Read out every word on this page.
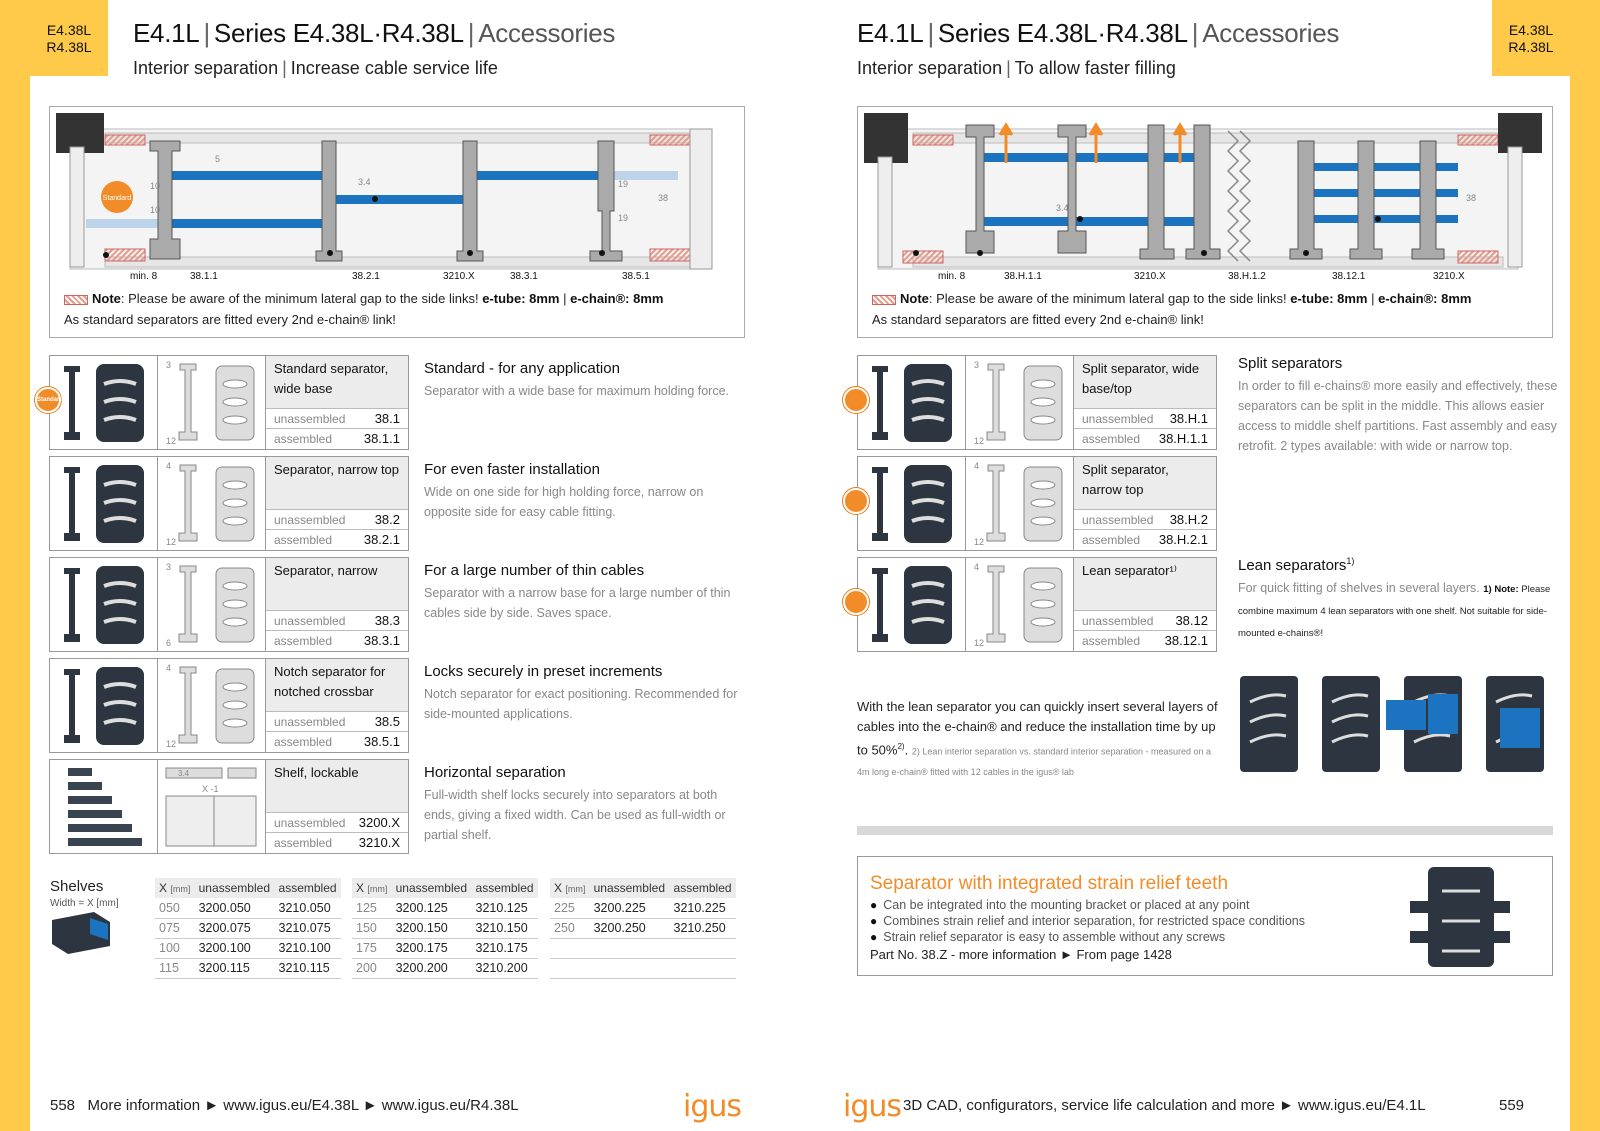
E4.38L
R4.38L
E4.38L
R4.38L
E4.1L | Series E4.38L·R4.38L | Accessories
Interior separation | Increase cable service life
Standard
min. 8	38.1.1	38.2.1	3210.X	38.3.1	38.5.1
5
10
10
3.4	19
19
38
Note: Please be aware of the minimum lateral gap to the side links! e-tube: 8mm | e-chain®: 8mm
As standard separators are fitted every 2nd e-chain® link!
3
12
Standard separator, wide base
unassembled 38.1
assembled 38.1.1
Standard
Standard - for any application

Separator with a wide base for maximum holding force.

4
12
Separator, narrow top
unassembled 38.2
assembled 38.2.1
For even faster installation

Wide on one side for high holding force, narrow on opposite side for easy cable fitting.

3
6
Separator, narrow
unassembled 38.3
assembled 38.3.1
For a large number of thin cables

Separator with a narrow base for a large number of thin cables side by side. Saves space.

4
12
Notch separator for notched crossbar
unassembled 38.5
assembled 38.5.1
Locks securely in preset increments

Notch separator for exact positioning. Recommended for side-mounted applications.

3.4
X -1
Shelf, lockable
unassembled 3200.X
assembled 3210.X
Horizontal separation

Full-width shelf locks securely into separators at both ends, giving a fixed width. Can be used as full-width or partial shelf.

Shelves
Width = X [mm]
X [mm]	unassembled	assembled
050	3200.050	3210.050
075	3200.075	3210.075
100	3200.100	3210.100
115	3200.115	3210.115
X [mm]	unassembled	assembled
125	3200.125	3210.125
150	3200.150	3210.150
175	3200.175	3210.175
200	3200.200	3210.200
X [mm]	unassembled	assembled
225	3200.225	3210.225
250	3200.250	3210.250

558 More information ► www.igus.eu/E4.38L ► www.igus.eu/R4.38L	igus
E4.1L | Series E4.38L·R4.38L | Accessories
Interior separation | To allow faster filling
min. 8	38.H.1.1	3210.X	38.H.1.2	38.12.1	3210.X
3.4
38
Note: Please be aware of the minimum lateral gap to the side links! e-tube: 8mm | e-chain®: 8mm
As standard separators are fitted every 2nd e-chain® link!
3
12
Split separator, wide base/top
unassembled 38.H.1
assembled 38.H.1.1
4
12
Split separator, narrow top
unassembled 38.H.2
assembled 38.H.2.1
4
12
Lean separator¹⁾
unassembled 38.12
assembled 38.12.1
Split separators

In order to fill e-chains® more easily and effectively, these separators can be split in the middle. This allows easier access to middle shelf partitions. Fast assembly and easy retrofit. 2 types available: with wide or narrow top.

Lean separators$^{1)}$

For quick fitting of shelves in several layers. 1) Note: Please combine maximum 4 lean separators with one shelf. Not suitable for side-mounted e-chains®!

With the lean separator you can quickly insert several layers of cables into the e-chain® and reduce the installation time by up to 50%$^{2)}$. 2) Lean interior separation vs. standard interior separation - measured on a 4m long e-chain® fitted with 12 cables in the igus® lab
Separator with integrated strain relief teeth
● Can be integrated into the mounting bracket or placed at any point
● Combines strain relief and interior separation, for restricted space conditions
● Strain relief separator is easy to assemble without any screws
Part No. 38.Z - more information ► From page 1428
3D CAD, configurators, service life calculation and more ► www.igus.eu/E4.1L	559
igus
